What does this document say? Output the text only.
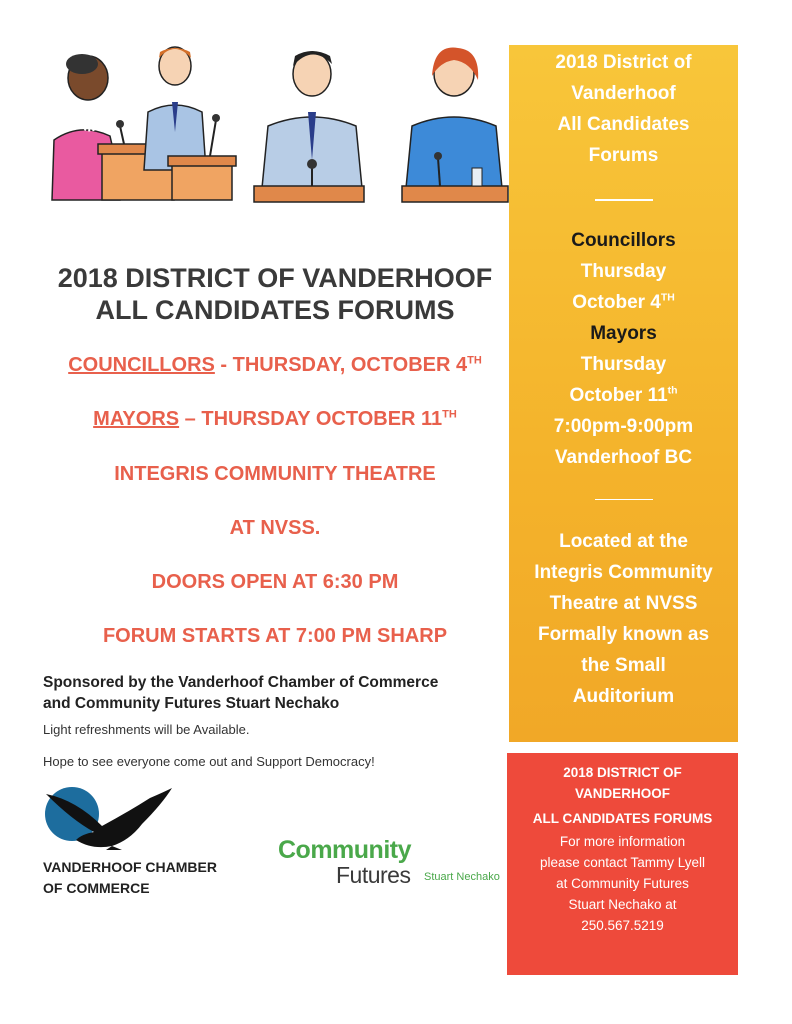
2018 DISTRICT OF VANDERHOOF
ALL CANDIDATES FORUMS
COUNCILLORS - THURSDAY, OCTOBER 4TH
MAYORS – THURSDAY OCTOBER 11TH
INTEGRIS COMMUNITY THEATRE
AT NVSS.
DOORS OPEN AT 6:30 PM
FORUM STARTS AT 7:00 PM SHARP
Sponsored by the Vanderhoof Chamber of Commerce
and Community Futures Stuart Nechako
Light refreshments will be Available.
Hope to see everyone come out and Support Democracy!
2018 District of
Vanderhoof
All Candidates
Forums
Councillors
Thursday
October 4TH
Mayors
Thursday
October 11th
7:00pm-9:00pm
Vanderhoof BC
Located at the
Integris Community
Theatre at NVSS
Formally known as
the Small
Auditorium
2018 DISTRICT OF
VANDERHOOF
ALL CANDIDATES FORUMS
For more information
please contact Tammy Lyell
at Community Futures
Stuart Nechako at
250.567.5219
VANDERHOOF CHAMBER
OF COMMERCE
Community
Futures Stuart Nechako
